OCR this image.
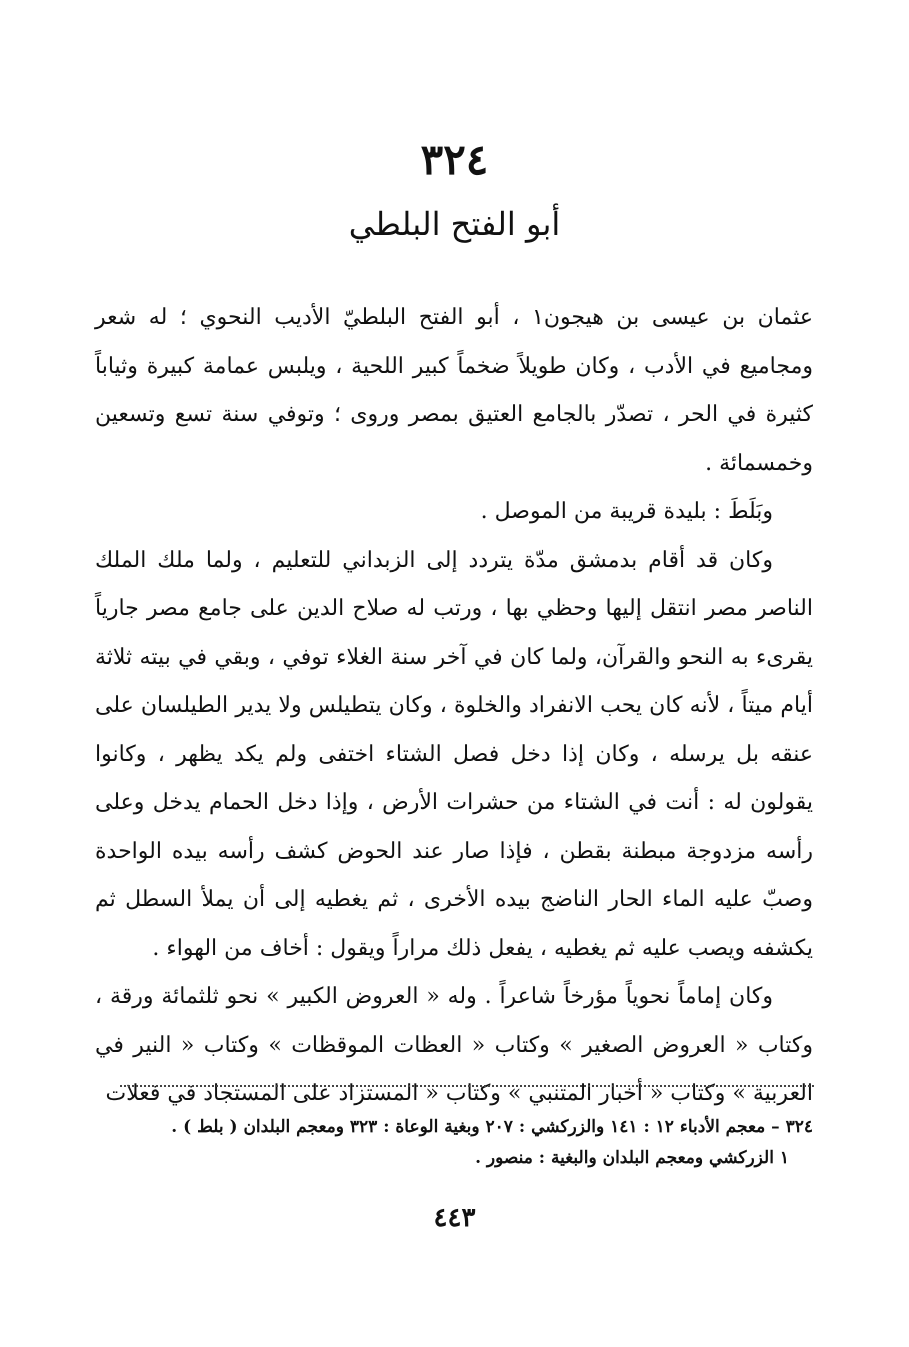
٣٢٤
أبو الفتح البلطي

عثمان بن عيسى بن هيجون١ ، أبو الفتح البلطيّ الأديب النحوي ؛ له شعر ومجاميع في الأدب ، وكان طويلاً ضخماً كبير اللحية ، ويلبس عمامة كبيرة وثياباً كثيرة في الحر ، تصدّر بالجامع العتيق بمصر وروى ؛ وتوفي سنة تسع وتسعين وخمسمائة .

وبَلَطَ : بليدة قريبة من الموصل .

وكان قد أقام بدمشق مدّة يتردد إلى الزبداني للتعليم ، ولما ملك الملك الناصر مصر انتقل إليها وحظي بها ، ورتب له صلاح الدين على جامع مصر جارياً يقرىء به النحو والقرآن، ولما كان في آخر سنة الغلاء توفي ، وبقي في بيته ثلاثة أيام ميتاً ، لأنه كان يحب الانفراد والخلوة ، وكان يتطيلس ولا يدير الطيلسان على عنقه بل يرسله ، وكان إذا دخل فصل الشتاء اختفى ولم يكد يظهر ، وكانوا يقولون له : أنت في الشتاء من حشرات الأرض ، وإذا دخل الحمام يدخل وعلى رأسه مزدوجة مبطنة بقطن ، فإذا صار عند الحوض كشف رأسه بيده الواحدة وصبّ عليه الماء الحار الناضج بيده الأخرى ، ثم يغطيه إلى أن يملأ السطل ثم يكشفه ويصب عليه ثم يغطيه ، يفعل ذلك مراراً ويقول : أخاف من الهواء .

وكان إماماً نحوياً مؤرخاً شاعراً . وله « العروض الكبير » نحو ثلثمائة ورقة ، وكتاب « العروض الصغير » وكتاب « العظات الموقظات » وكتاب « النير في العربية » وكتاب « أخبار المتنبي » وكتاب « المستزاد على المستجاد في فعلات

٣٢٤ – معجم الأدباء ١٢ : ١٤١ والزركشي : ٢٠٧ وبغية الوعاة : ٣٢٣ ومعجم البلدان ( بلط ) .

١ الزركشي ومعجم البلدان والبغية : منصور .

٤٤٣
